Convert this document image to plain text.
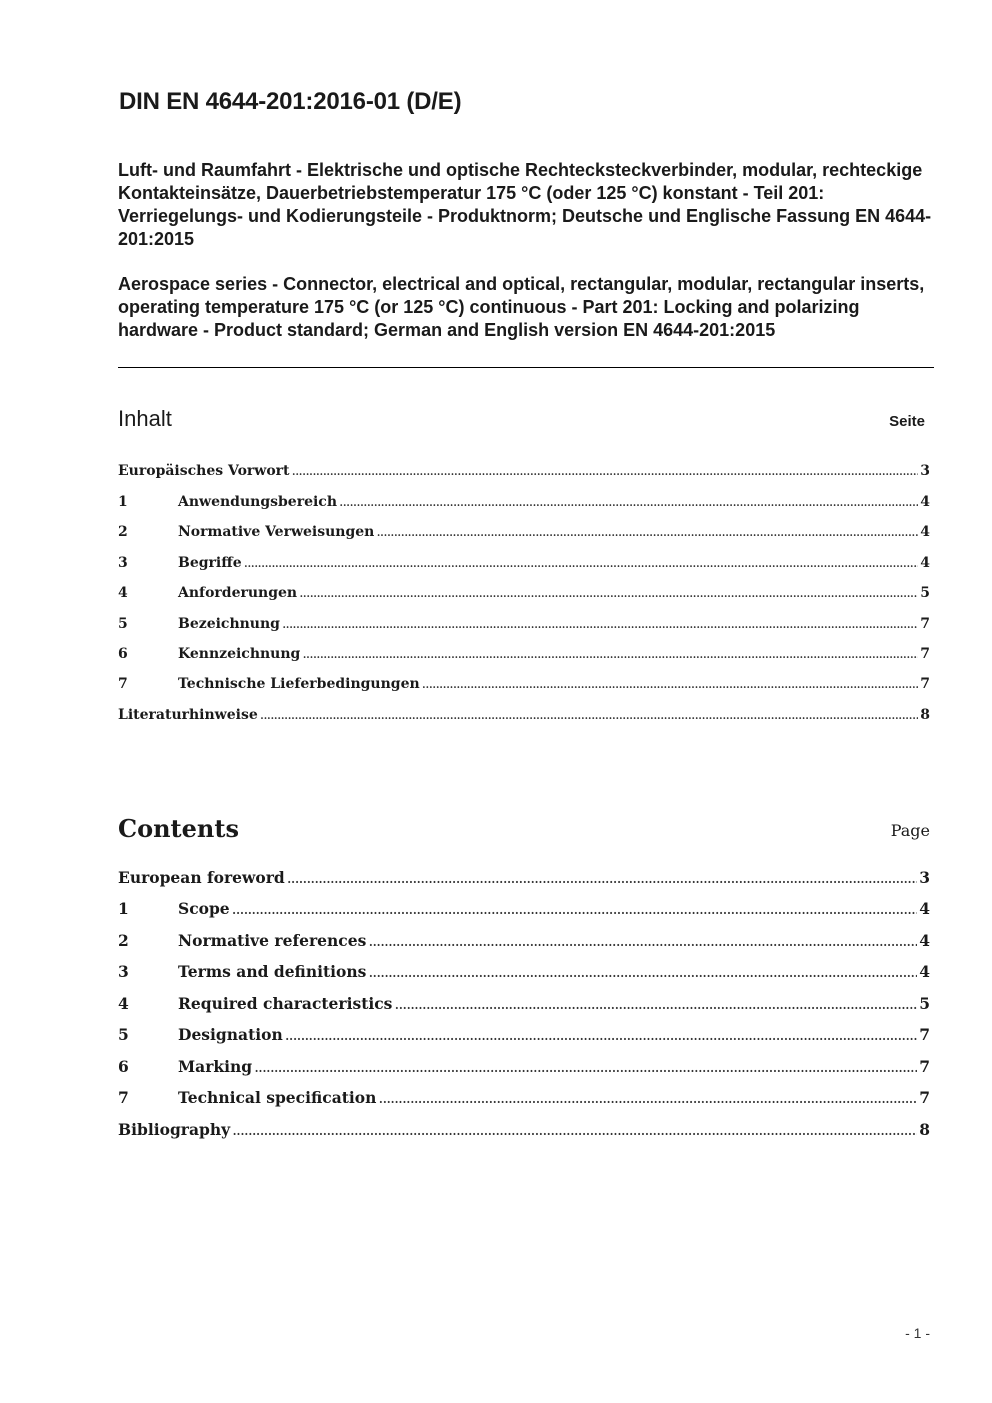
DIN EN 4644-201:2016-01 (D/E)

Luft- und Raumfahrt - Elektrische und optische Rechtecksteckverbinder, modular, rechteckige Kontakteinsätze, Dauerbetriebstemperatur 175 °C (oder 125 °C) konstant - Teil 201: Verriegelungs- und Kodierungsteile - Produktnorm; Deutsche und Englische Fassung EN 4644-201:2015

Aerospace series - Connector, electrical and optical, rectangular, modular, rectangular inserts, operating temperature 175 °C (or 125 °C) continuous - Part 201: Locking and polarizing hardware - Product standard; German and English version EN 4644-201:2015

Inhalt	Seite
Europäisches Vorwort .....	3
1	Anwendungsbereich .....	4
2	Normative Verweisungen .....	4
3	Begriffe .....	4
4	Anforderungen .....	5
5	Bezeichnung .....	7
6	Kennzeichnung .....	7
7	Technische Lieferbedingungen .....	7
Literaturhinweise .....	8
Contents	Page
European foreword .....	3
1	Scope .....	4
2	Normative references .....	4
3	Terms and definitions .....	4
4	Required characteristics .....	5
5	Designation .....	7
6	Marking .....	7
7	Technical specification .....	7
Bibliography .....	8
- 1 -
